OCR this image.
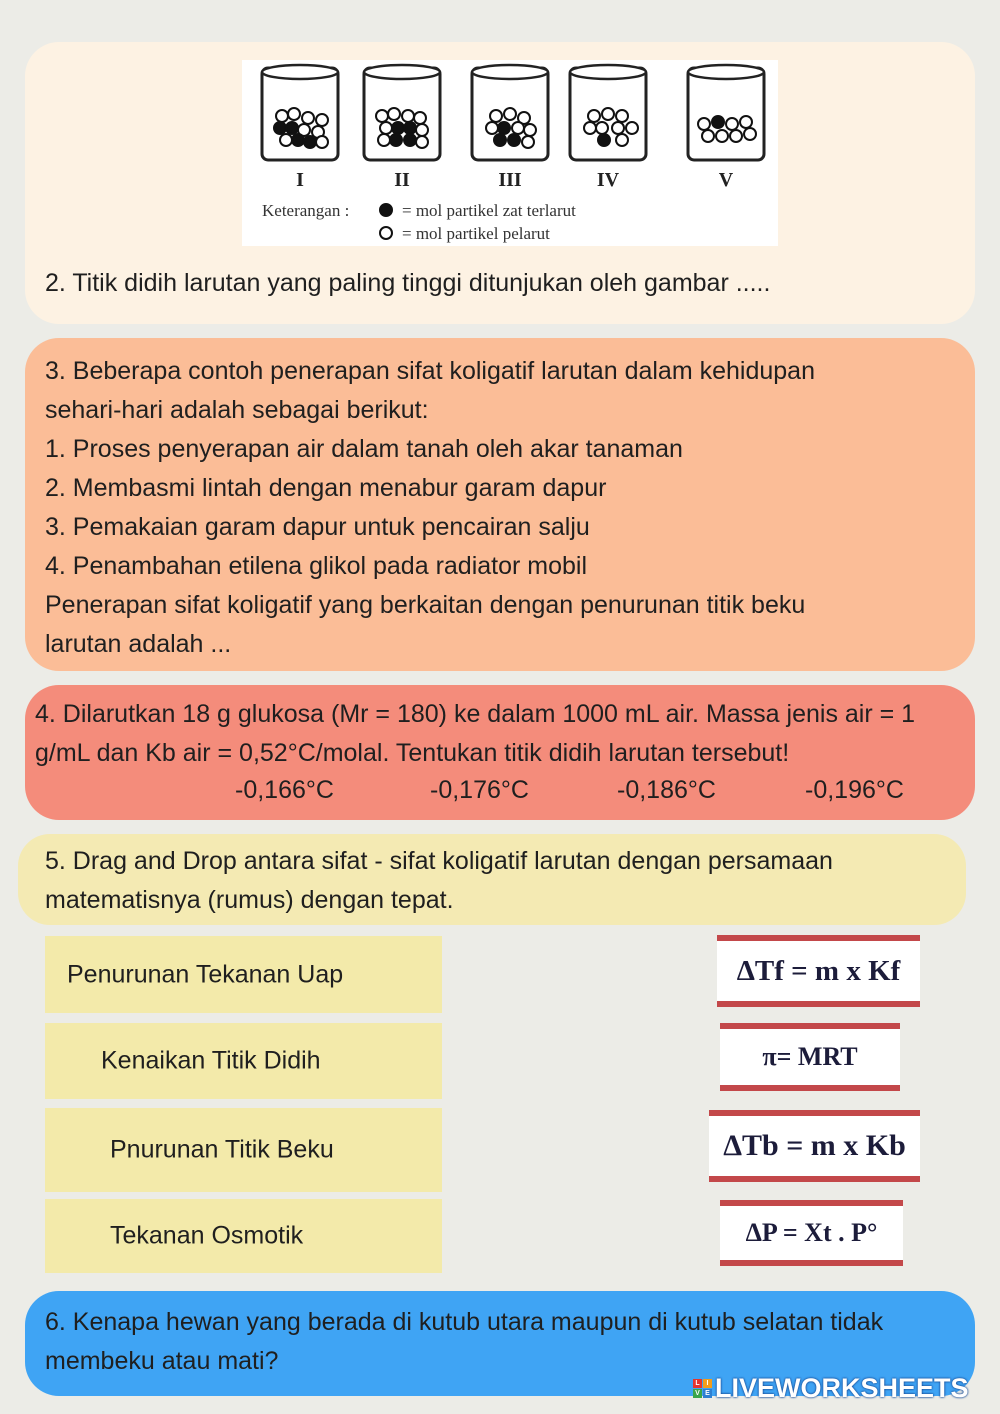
2. Titik didih larutan yang paling tinggi ditunjukan oleh gambar .....
I	II	III	IV	V
Keterangan :	= mol partikel zat terlarut
= mol partikel pelarut
3. Beberapa contoh penerapan sifat koligatif larutan dalam kehidupan
sehari-hari adalah sebagai berikut:
1. Proses penyerapan air dalam tanah oleh akar tanaman
2. Membasmi lintah dengan menabur garam dapur
3. Pemakaian garam dapur untuk pencairan salju
4. Penambahan etilena glikol pada radiator mobil
Penerapan sifat koligatif yang berkaitan dengan penurunan titik beku
larutan adalah ...
4. Dilarutkan 18 g glukosa (Mr = 180) ke dalam 1000 mL air. Massa jenis air = 1 g/mL dan Kb air = 0,52°C/molal. Tentukan titik didih larutan tersebut!
-0,166°C	-0,176°C	-0,186°C	-0,196°C
5. Drag and Drop antara sifat - sifat koligatif larutan dengan persamaan matematisnya (rumus) dengan tepat.
Penurunan Tekanan Uap
Kenaikan Titik Didih
Pnurunan Titik Beku
Tekanan Osmotik
ΔTf = m x Kf
π= MRT
ΔTb = m x Kb
ΔP = Xt . P°
6. Kenapa hewan yang berada di kutub utara maupun di kutub selatan tidak membeku atau mati?
L I
V E LIVEWORKSHEETS
